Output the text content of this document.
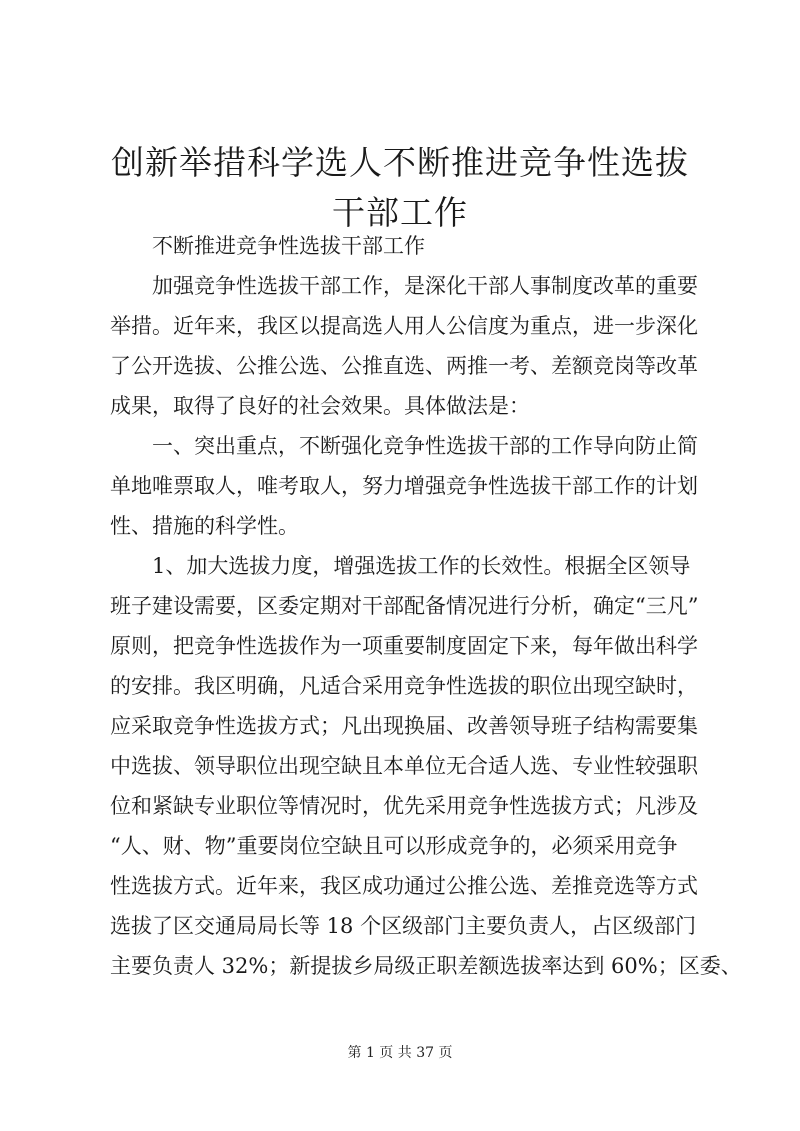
创新举措科学选人不断推进竞争性选拔干部工作

不断推进竞争性选拔干部工作

加强竞争性选拔干部工作，是深化干部人事制度改革的重要

举措。近年来，我区以提高选人用人公信度为重点，进一步深化

了公开选拔、公推公选、公推直选、两推一考、差额竞岗等改革

成果，取得了良好的社会效果。具体做法是：

一、突出重点，不断强化竞争性选拔干部的工作导向防止简

单地唯票取人，唯考取人，努力增强竞争性选拔干部工作的计划

性、措施的科学性。

1、加大选拔力度，增强选拔工作的长效性。根据全区领导

班子建设需要，区委定期对干部配备情况进行分析，确定“三凡”

原则，把竞争性选拔作为一项重要制度固定下来，每年做出科学

的安排。我区明确，凡适合采用竞争性选拔的职位出现空缺时，

应采取竞争性选拔方式；凡出现换届、改善领导班子结构需要集

中选拔、领导职位出现空缺且本单位无合适人选、专业性较强职

位和紧缺专业职位等情况时，优先采用竞争性选拔方式；凡涉及

“人、财、物”重要岗位空缺且可以形成竞争的，必须采用竞争

性选拔方式。近年来，我区成功通过公推公选、差推竞选等方式

选拔了区交通局局长等 18 个区级部门主要负责人，占区级部门

主要负责人 32%；新提拔乡局级正职差额选拔率达到 60%；区委、

第 1 页 共 37 页
